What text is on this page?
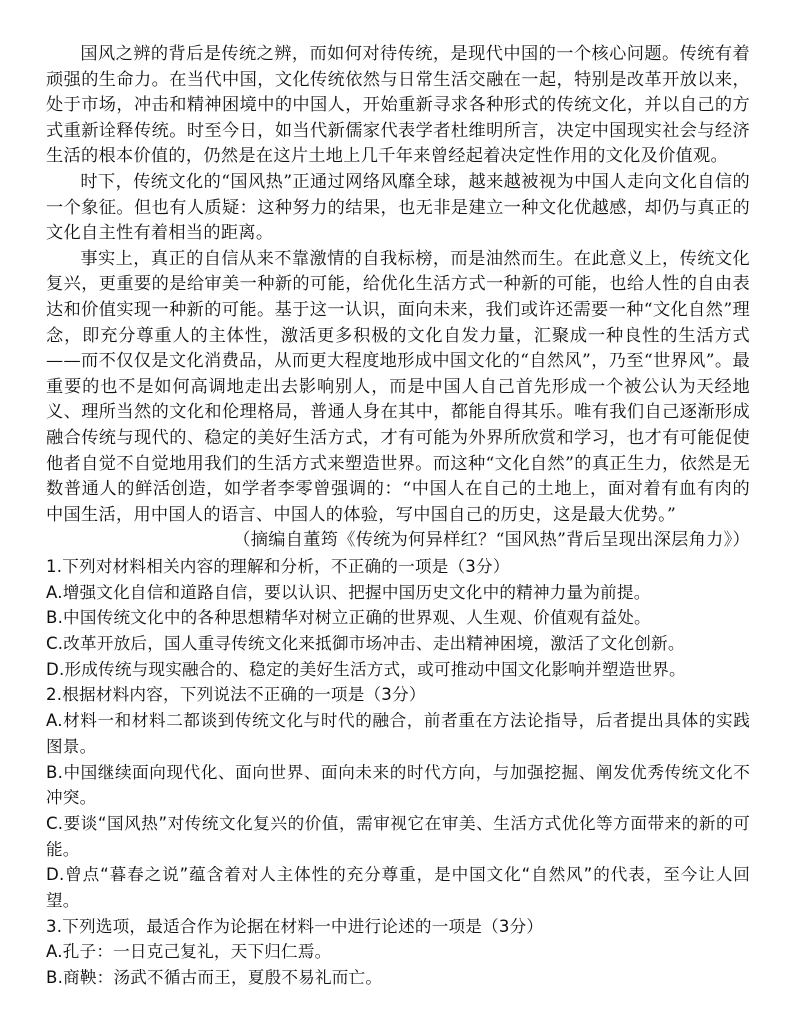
国风之辨的背后是传统之辨，而如何对待传统，是现代中国的一个核心问题。传统有着顽强的生命力。在当代中国，文化传统依然与日常生活交融在一起，特别是改革开放以来，处于市场，冲击和精神困境中的中国人，开始重新寻求各种形式的传统文化，并以自己的方式重新诠释传统。时至今日，如当代新儒家代表学者杜维明所言，决定中国现实社会与经济生活的根本价值的，仍然是在这片土地上几千年来曾经起着决定性作用的文化及价值观。

时下，传统文化的“国风热”正通过网络风靡全球，越来越被视为中国人走向文化自信的一个象征。但也有人质疑：这种努力的结果，也无非是建立一种文化优越感，却仍与真正的文化自主性有着相当的距离。

事实上，真正的自信从来不靠激情的自我标榜，而是油然而生。在此意义上，传统文化复兴，更重要的是给审美一种新的可能，给优化生活方式一种新的可能，也给人性的自由表达和价值实现一种新的可能。基于这一认识，面向未来，我们或许还需要一种“文化自然”理念，即充分尊重人的主体性，激活更多积极的文化自发力量，汇聚成一种良性的生活方式——而不仅仅是文化消费品，从而更大程度地形成中国文化的“自然风”，乃至“世界风”。最重要的也不是如何高调地走出去影响别人，而是中国人自己首先形成一个被公认为天经地义、理所当然的文化和伦理格局，普通人身在其中，都能自得其乐。唯有我们自己逐渐形成融合传统与现代的、稳定的美好生活方式，才有可能为外界所欣赏和学习，也才有可能促使他者自觉不自觉地用我们的生活方式来塑造世界。而这种“文化自然”的真正生力，依然是无数普通人的鲜活创造，如学者李零曾强调的：“中国人在自己的土地上，面对着有血有肉的中国生活，用中国人的语言、中国人的体验，写中国自己的历史，这是最大优势。”

（摘编自董筠《传统为何异样红？“国风热”背后呈现出深层角力》）

1.下列对材料相关内容的理解和分析，不正确的一项是（3分）

A.增强文化自信和道路自信，要以认识、把握中国历史文化中的精神力量为前提。

B.中国传统文化中的各种思想精华对树立正确的世界观、人生观、价值观有益处。

C.改革开放后，国人重寻传统文化来抵御市场冲击、走出精神困境，激活了文化创新。

D.形成传统与现实融合的、稳定的美好生活方式，或可推动中国文化影响并塑造世界。

2.根据材料内容，下列说法不正确的一项是（3分）

A.材料一和材料二都谈到传统文化与时代的融合，前者重在方法论指导，后者提出具体的实践图景。

B.中国继续面向现代化、面向世界、面向未来的时代方向，与加强挖掘、阐发优秀传统文化不冲突。

C.要谈“国风热”对传统文化复兴的价值，需审视它在审美、生活方式优化等方面带来的新的可能。

D.曾点“暮春之说”蕴含着对人主体性的充分尊重，是中国文化“自然风”的代表，至今让人回望。

3.下列选项，最适合作为论据在材料一中进行论述的一项是（3分）

A.孔子：一日克己复礼，天下归仁焉。

B.商鞅：汤武不循古而王，夏殷不易礼而亡。
